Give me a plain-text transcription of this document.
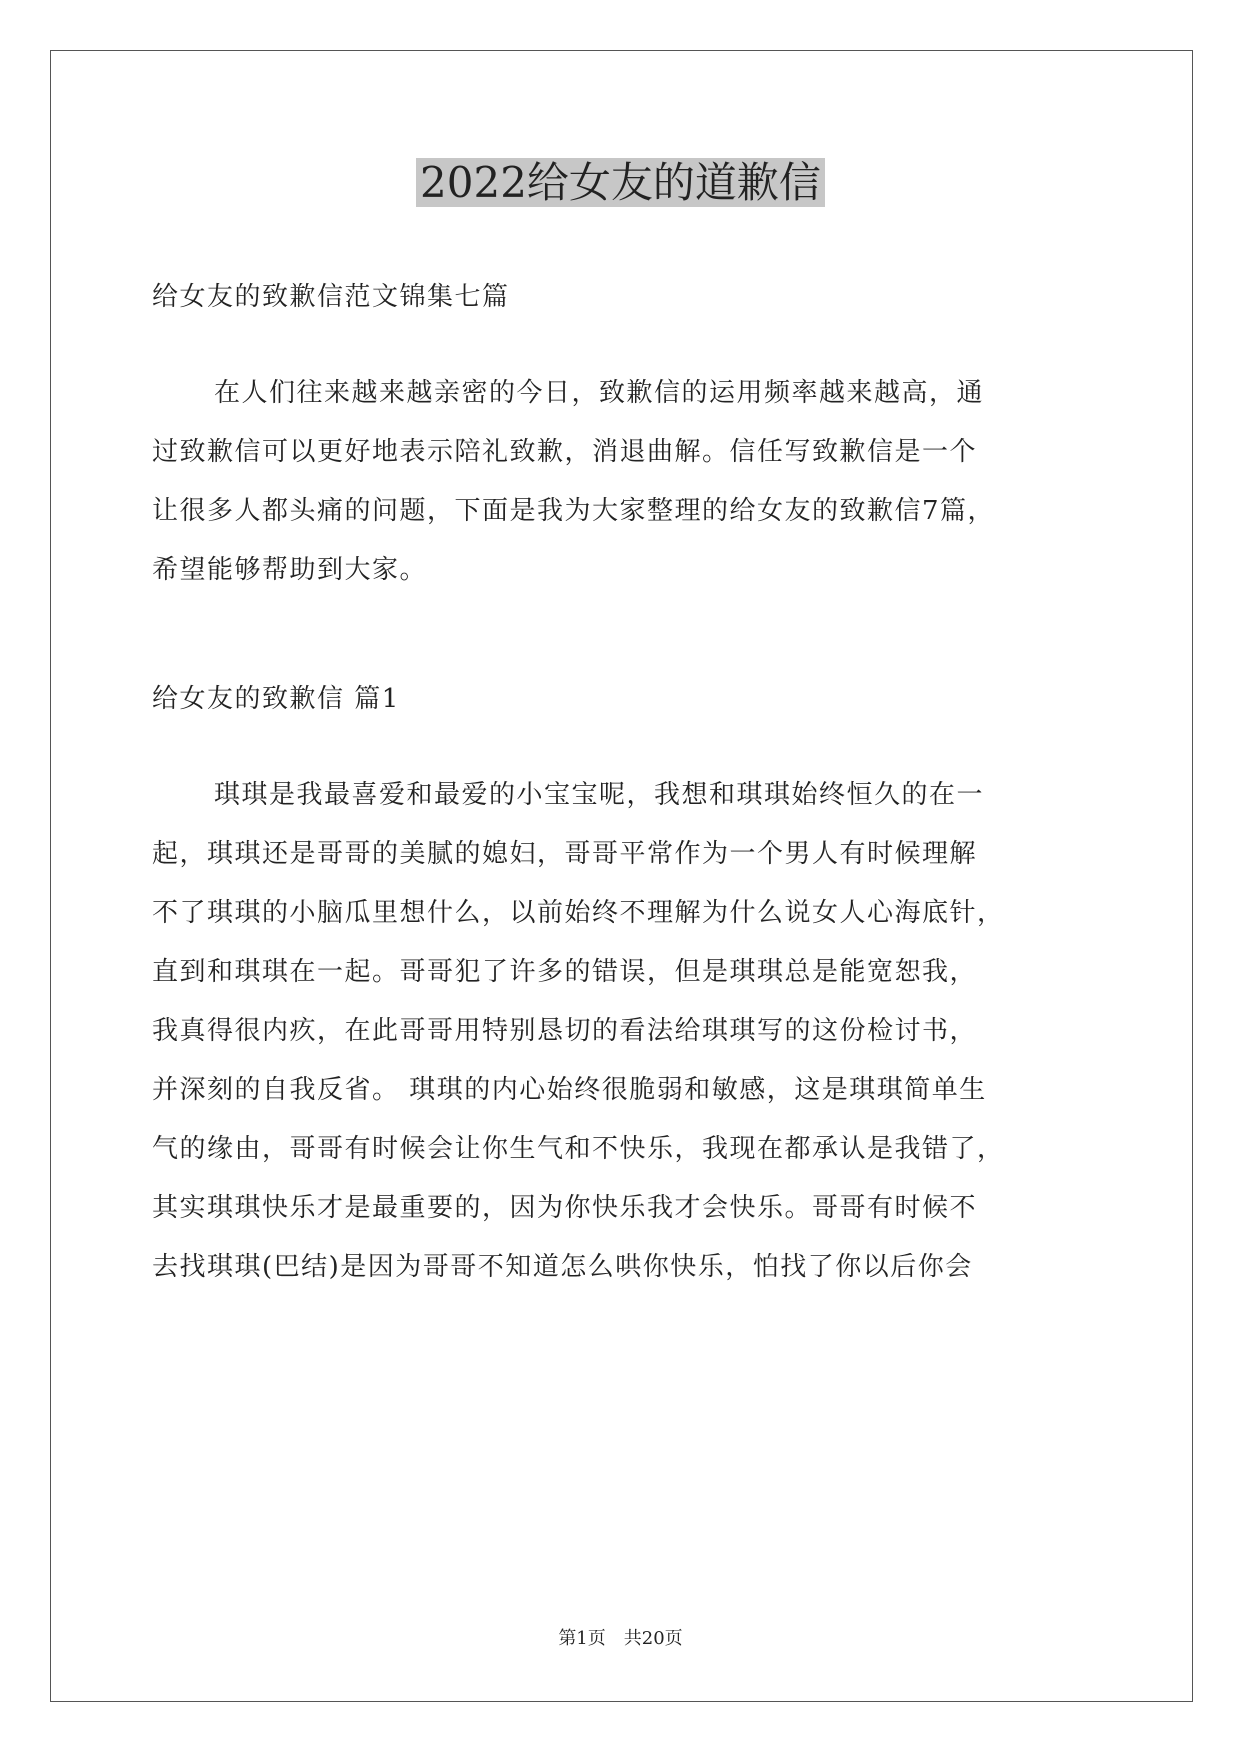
2022给女友的道歉信
给女友的致歉信范文锦集七篇
在人们往来越来越亲密的今日，致歉信的运用频率越来越高，通
过致歉信可以更好地表示陪礼致歉，消退曲解。信任写致歉信是一个
让很多人都头痛的问题，下面是我为大家整理的给女友的致歉信7篇，
希望能够帮助到大家。
给女友的致歉信 篇1
琪琪是我最喜爱和最爱的小宝宝呢，我想和琪琪始终恒久的在一
起，琪琪还是哥哥的美腻的媳妇，哥哥平常作为一个男人有时候理解
不了琪琪的小脑瓜里想什么，以前始终不理解为什么说女人心海底针，
直到和琪琪在一起。哥哥犯了许多的错误，但是琪琪总是能宽恕我，
我真得很内疚，在此哥哥用特别恳切的看法给琪琪写的这份检讨书，
并深刻的自我反省。 琪琪的内心始终很脆弱和敏感，这是琪琪简单生
气的缘由，哥哥有时候会让你生气和不快乐，我现在都承认是我错了，
其实琪琪快乐才是最重要的，因为你快乐我才会快乐。哥哥有时候不
去找琪琪(巴结)是因为哥哥不知道怎么哄你快乐，怕找了你以后你会
第1页 共20页
